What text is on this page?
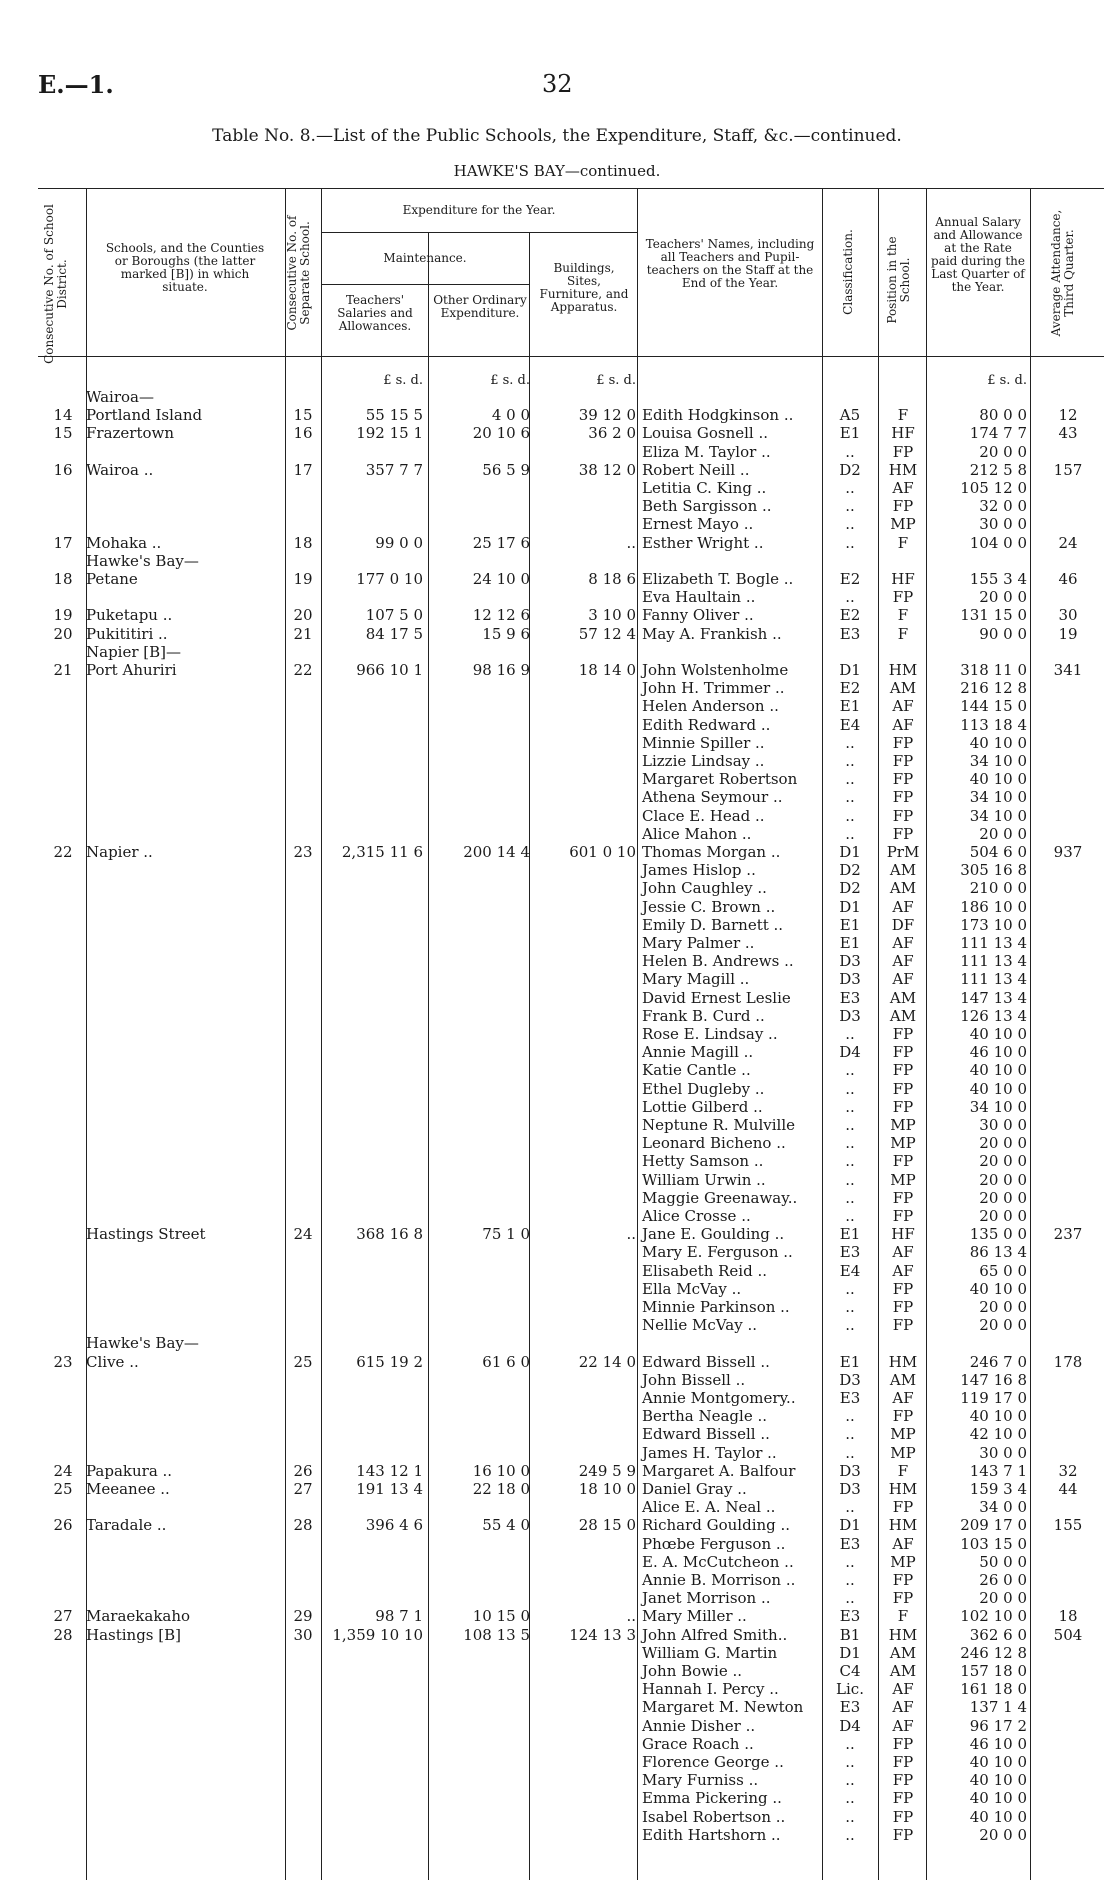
E.—1.	32
Table No. 8.—List of the Public Schools, the Expenditure, Staff, &c.—continued.
HAWKE'S BAY—continued.
Consecutive No. of School District.
Schools, and the Counties or Boroughs (the latter marked [B]) in which situate.	Consecutive No. of Separate School.
Expenditure for the Year.
Maintenance.
Teachers' Salaries and Allowances.
Other Ordinary Expenditure.
Buildings, Sites, Furniture, and Apparatus.
Teachers' Names, including all Teachers and Pupil-teachers on the Staff at the End of the Year.	Classification.	Position in the School.
Annual Salary and Allowance at the Rate paid during the Last Quarter of the Year.	Average Attendance, Third Quarter.
£ s. d.	£ s. d.	£ s. d.	£ s. d.
Wairoa—
14 Portland Island	15	55 15 5	4 0 0	39 12 0 Edith Hodgkinson ..	A5	F	80 0 0	12
15 Frazertown	16	192 15 1	20 10 6	36 2 0 Louisa Gosnell ..	E1	HF	174 7 7	43
Eliza M. Taylor ..	..	FP	20 0 0
16 Wairoa ..	17	357 7 7	56 5 9	38 12 0 Robert Neill ..	D2	HM	212 5 8	157
Letitia C. King ..	..	AF	105 12 0
Beth Sargisson ..	..	FP	32 0 0
Ernest Mayo ..	..	MP	30 0 0
17 Mohaka ..	18	99 0 0	25 17 6	.. Esther Wright ..	..	F	104 0 0	24
Hawke's Bay—
18 Petane	19	177 0 10	24 10 0	8 18 6 Elizabeth T. Bogle ..	E2	HF	155 3 4	46
Eva Haultain ..	..	FP	20 0 0
19 Puketapu ..	20	107 5 0	12 12 6	3 10 0 Fanny Oliver ..	E2	F	131 15 0	30
20 Pukititiri ..	21	84 17 5	15 9 6	57 12 4 May A. Frankish ..	E3	F	90 0 0	19
Napier [B]—
21 Port Ahuriri	22	966 10 1	98 16 9	18 14 0 John Wolstenholme	D1	HM	318 11 0	341
John H. Trimmer ..	E2	AM	216 12 8
Helen Anderson ..	E1	AF	144 15 0
Edith Redward ..	E4	AF	113 18 4
Minnie Spiller ..	..	FP	40 10 0
Lizzie Lindsay ..	..	FP	34 10 0
Margaret Robertson	..	FP	40 10 0
Athena Seymour ..	..	FP	34 10 0
Clace E. Head ..	..	FP	34 10 0
Alice Mahon ..	..	FP	20 0 0
22 Napier ..	23	2,315 11 6	200 14 4	601 0 10 Thomas Morgan ..	D1	PrM	504 6 0	937
James Hislop ..	D2	AM	305 16 8
John Caughley ..	D2	AM	210 0 0
Jessie C. Brown ..	D1	AF	186 10 0
Emily D. Barnett ..	E1	DF	173 10 0
Mary Palmer ..	E1	AF	111 13 4
Helen B. Andrews ..	D3	AF	111 13 4
Mary Magill ..	D3	AF	111 13 4
David Ernest Leslie	E3	AM	147 13 4
Frank B. Curd ..	D3	AM	126 13 4
Rose E. Lindsay ..	..	FP	40 10 0
Annie Magill ..	D4	FP	46 10 0
Katie Cantle ..	..	FP	40 10 0
Ethel Dugleby ..	..	FP	40 10 0
Lottie Gilberd ..	..	FP	34 10 0
Neptune R. Mulville	..	MP	30 0 0
Leonard Bicheno ..	..	MP	20 0 0
Hetty Samson ..	..	FP	20 0 0
William Urwin ..	..	MP	20 0 0
Maggie Greenaway..	..	FP	20 0 0
Alice Crosse ..	..	FP	20 0 0
Hastings Street	24	368 16 8	75 1 0	.. Jane E. Goulding ..	E1	HF	135 0 0	237
Mary E. Ferguson ..	E3	AF	86 13 4
Elisabeth Reid ..	E4	AF	65 0 0
Ella McVay ..	..	FP	40 10 0
Minnie Parkinson ..	..	FP	20 0 0
Nellie McVay ..	..	FP	20 0 0
Hawke's Bay—
23 Clive ..	25	615 19 2	61 6 0	22 14 0 Edward Bissell ..	E1	HM	246 7 0	178
John Bissell ..	D3	AM	147 16 8
Annie Montgomery..	E3	AF	119 17 0
Bertha Neagle ..	..	FP	40 10 0
Edward Bissell ..	..	MP	42 10 0
James H. Taylor ..	..	MP	30 0 0
24 Papakura ..	26	143 12 1	16 10 0	249 5 9 Margaret A. Balfour	D3	F	143 7 1	32
25 Meeanee ..	27	191 13 4	22 18 0	18 10 0 Daniel Gray ..	D3	HM	159 3 4	44
Alice E. A. Neal ..	..	FP	34 0 0
26 Taradale ..	28	396 4 6	55 4 0	28 15 0 Richard Goulding ..	D1	HM	209 17 0	155
Phœbe Ferguson ..	E3	AF	103 15 0
E. A. McCutcheon ..	..	MP	50 0 0
Annie B. Morrison ..	..	FP	26 0 0
Janet Morrison ..	..	FP	20 0 0
27 Maraekakaho	29	98 7 1	10 15 0	.. Mary Miller ..	E3	F	102 10 0	18
28 Hastings [B]	30	1,359 10 10	108 13 5	124 13 3 John Alfred Smith..	B1	HM	362 6 0	504
William G. Martin	D1	AM	246 12 8
John Bowie ..	C4	AM	157 18 0
Hannah I. Percy ..	Lic.	AF	161 18 0
Margaret M. Newton	E3	AF	137 1 4
Annie Disher ..	D4	AF	96 17 2
Grace Roach ..	..	FP	46 10 0
Florence George ..	..	FP	40 10 0
Mary Furniss ..	..	FP	40 10 0
Emma Pickering ..	..	FP	40 10 0
Isabel Robertson ..	..	FP	40 10 0
Edith Hartshorn ..	..	FP	20 0 0
